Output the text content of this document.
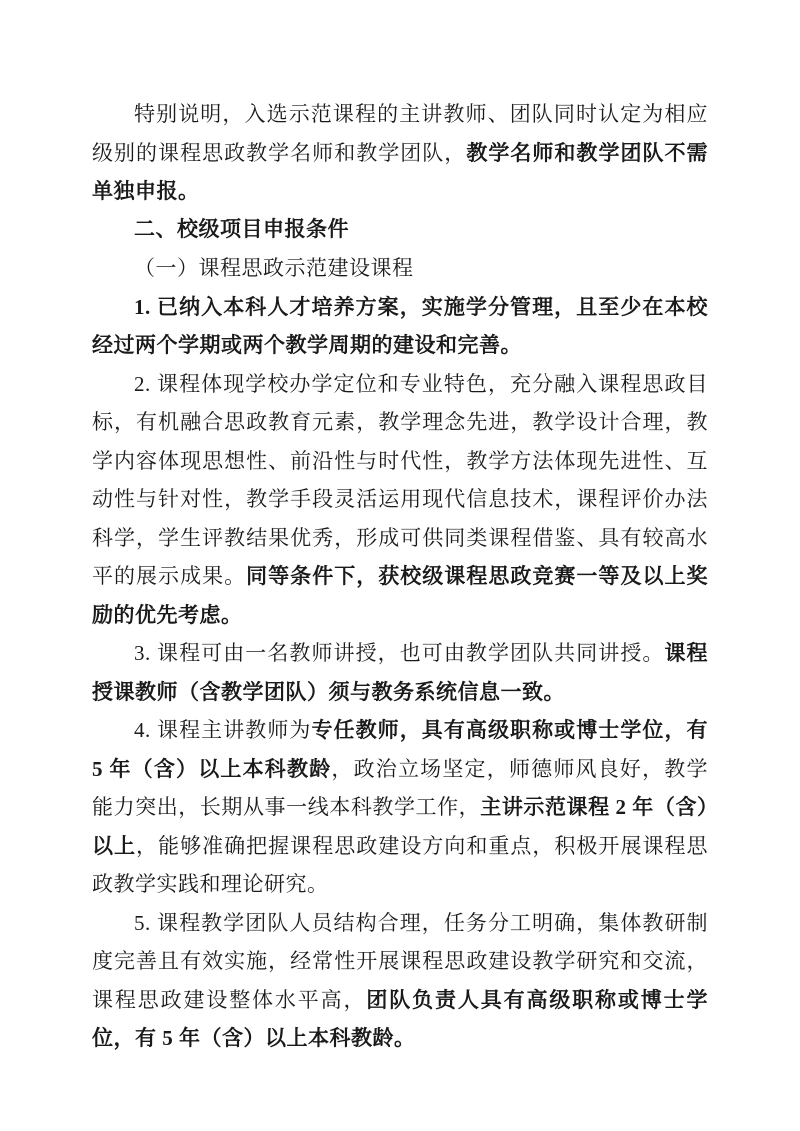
特别说明，入选示范课程的主讲教师、团队同时认定为相应级别的课程思政教学名师和教学团队，教学名师和教学团队不需单独申报。

二、校级项目申报条件

（一）课程思政示范建设课程

1. 已纳入本科人才培养方案，实施学分管理，且至少在本校经过两个学期或两个教学周期的建设和完善。

2. 课程体现学校办学定位和专业特色，充分融入课程思政目标，有机融合思政教育元素，教学理念先进，教学设计合理，教学内容体现思想性、前沿性与时代性，教学方法体现先进性、互动性与针对性，教学手段灵活运用现代信息技术，课程评价办法科学，学生评教结果优秀，形成可供同类课程借鉴、具有较高水平的展示成果。同等条件下，获校级课程思政竞赛一等及以上奖励的优先考虑。

3. 课程可由一名教师讲授，也可由教学团队共同讲授。课程授课教师（含教学团队）须与教务系统信息一致。

4. 课程主讲教师为专任教师，具有高级职称或博士学位，有 5 年（含）以上本科教龄，政治立场坚定，师德师风良好，教学能力突出，长期从事一线本科教学工作，主讲示范课程 2 年（含）以上，能够准确把握课程思政建设方向和重点，积极开展课程思政教学实践和理论研究。

5. 课程教学团队人员结构合理，任务分工明确，集体教研制度完善且有效实施，经常性开展课程思政建设教学研究和交流，课程思政建设整体水平高，团队负责人具有高级职称或博士学位，有 5 年（含）以上本科教龄。
